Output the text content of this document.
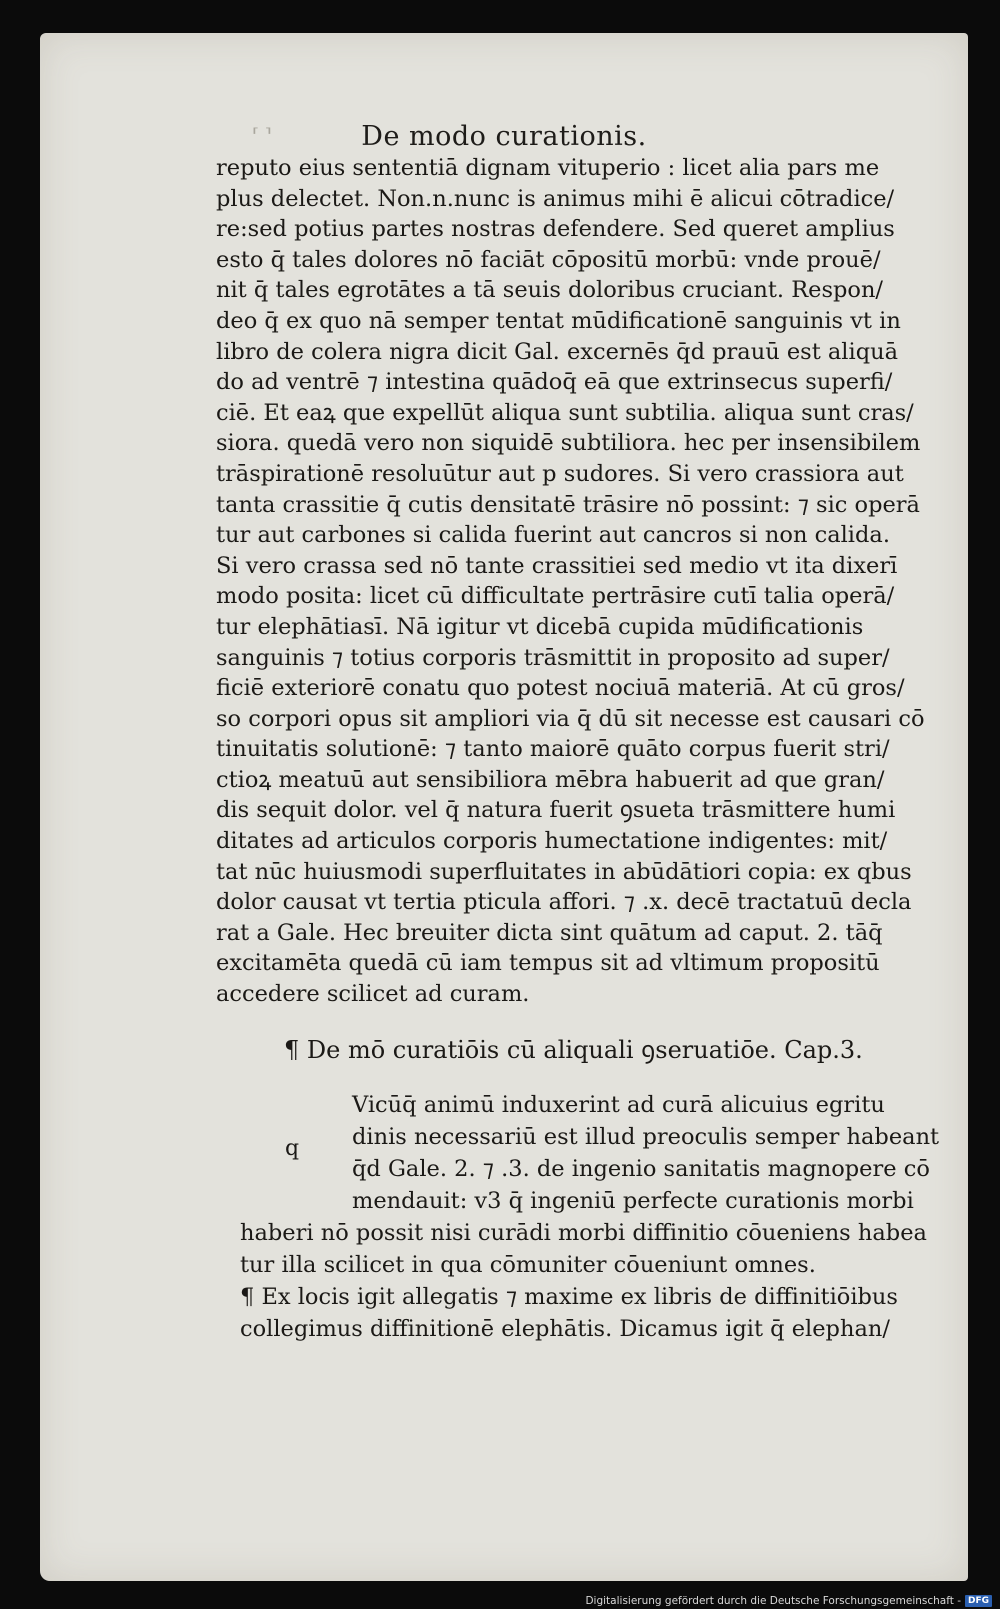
⸢ ⸣	De modo curationis.
reputo eius sententiā dignam vituperio : licet alia pars me
plus delectet. Non.n.nunc is animus mihi ē alicui cōtradice/
re:sed potius partes nostras defendere. Sed queret amplius
esto q̄ tales dolores nō faciāt cōpositū morbū: vnde prouē/
nit q̄ tales egrotātes a tā seuis doloribus cruciant. Respon/
deo q̄ ex quo nā semper tentat mūdificationē sanguinis vt in
libro de colera nigra dicit Gal. excernēs q̄d prauū est aliquā
do ad ventrē ⁊ intestina quādoq̄ eā que extrinsecus superfi/
ciē. Et eaꝝ que expellūt aliqua sunt subtilia. aliqua sunt cras/
siora. quedā vero non siquidē subtiliora. hec per insensibilem
trāspirationē resoluūtur aut p sudores. Si vero crassiora aut
tanta crassitie q̄ cutis densitatē trāsire nō possint: ⁊ sic operā
tur aut carbones si calida fuerint aut cancros si non calida.
Si vero crassa sed nō tante crassitiei sed medio vt ita dixerī
modo posita: licet cū difficultate pertrāsire cutī talia operā/
tur elephātiasī. Nā igitur vt dicebā cupida mūdificationis
sanguinis ⁊ totius corporis trāsmittit in proposito ad super/
ficiē exteriorē conatu quo potest nociuā materiā. At cū gros/
so corpori opus sit ampliori via q̄ dū sit necesse est causari cō
tinuitatis solutionē: ⁊ tanto maiorē quāto corpus fuerit stri/
ctioꝝ meatuū aut sensibiliora mēbra habuerit ad que gran/
dis sequit dolor. vel q̄ natura fuerit ꝯsueta trāsmittere humi
ditates ad articulos corporis humectatione indigentes: mit/
tat nūc huiusmodi superfluitates in abūdātiori copia: ex qbus
dolor causat vt tertia pticula affori. ⁊ .x. decē tractatuū decla
rat a Gale. Hec breuiter dicta sint quātum ad caput. 2. tāq̄
excitamēta quedā cū iam tempus sit ad vltimum propositū
accedere scilicet ad curam.
¶ De mō curatiōis cū aliquali ꝯseruatiōe. Cap.3.
q
Vicūq̄ animū induxerint ad curā alicuius egritu
dinis necessariū est illud preoculis semper habeant
q̄d Gale. 2. ⁊ .3. de ingenio sanitatis magnopere cō
mendauit: v3 q̄ ingeniū perfecte curationis morbi
haberi nō possit nisi curādi morbi diffinitio cōueniens habea
tur illa scilicet in qua cōmuniter cōueniunt omnes.
¶ Ex locis igit allegatis ⁊ maxime ex libris de diffinitiōibus
collegimus diffinitionē elephātis. Dicamus igit q̄ elephan/
Digitalisierung gefördert durch die Deutsche Forschungsgemeinschaft - DFG
